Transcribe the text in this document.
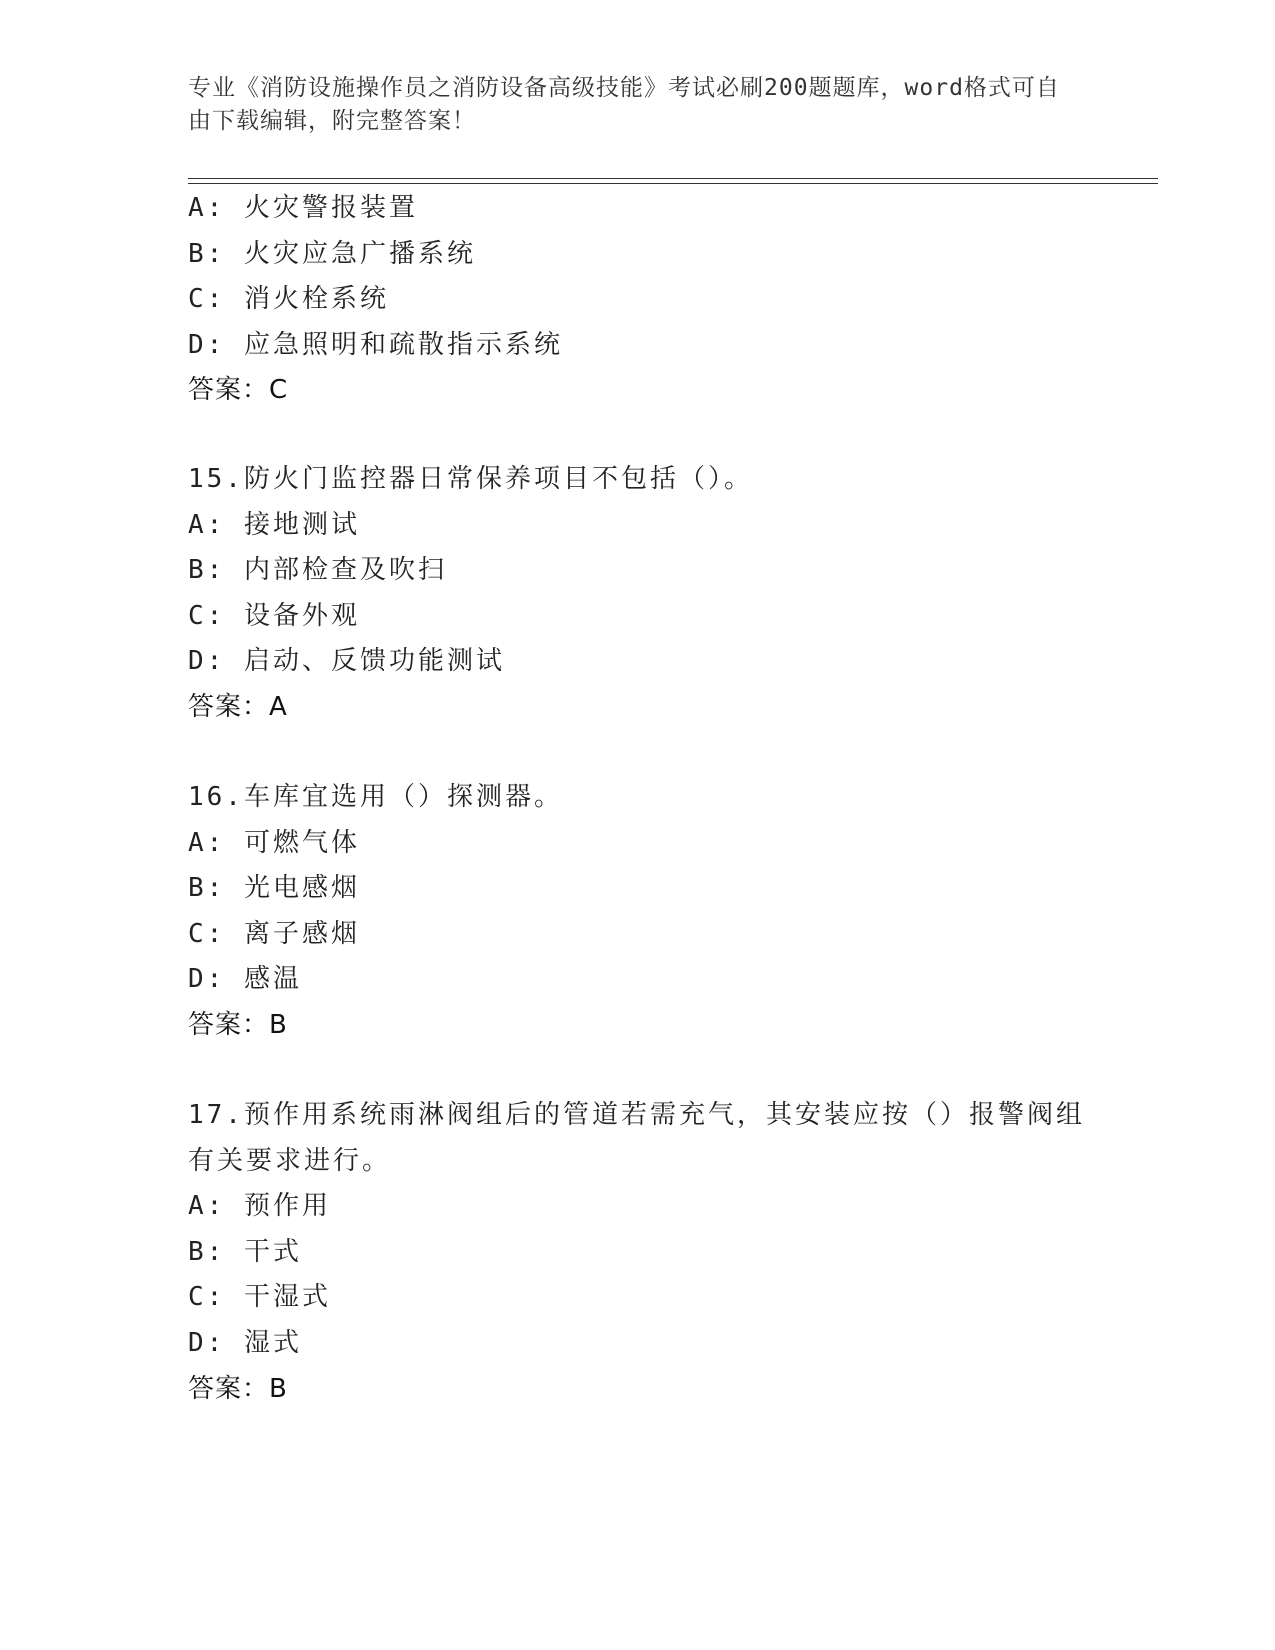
专业《消防设施操作员之消防设备高级技能》考试必刷200题题库，word格式可自由下载编辑，附完整答案！
A: 火灾警报装置
B: 火灾应急广播系统
C: 消火栓系统
D: 应急照明和疏散指示系统
答案：C
15.防火门监控器日常保养项目不包括（）。
A: 接地测试
B: 内部检查及吹扫
C: 设备外观
D: 启动、反馈功能测试
答案：A
16.车库宜选用（）探测器。
A: 可燃气体
B: 光电感烟
C: 离子感烟
D: 感温
答案：B
17.预作用系统雨淋阀组后的管道若需充气，其安装应按（）报警阀组
有关要求进行。
A: 预作用
B: 干式
C: 干湿式
D: 湿式
答案：B
